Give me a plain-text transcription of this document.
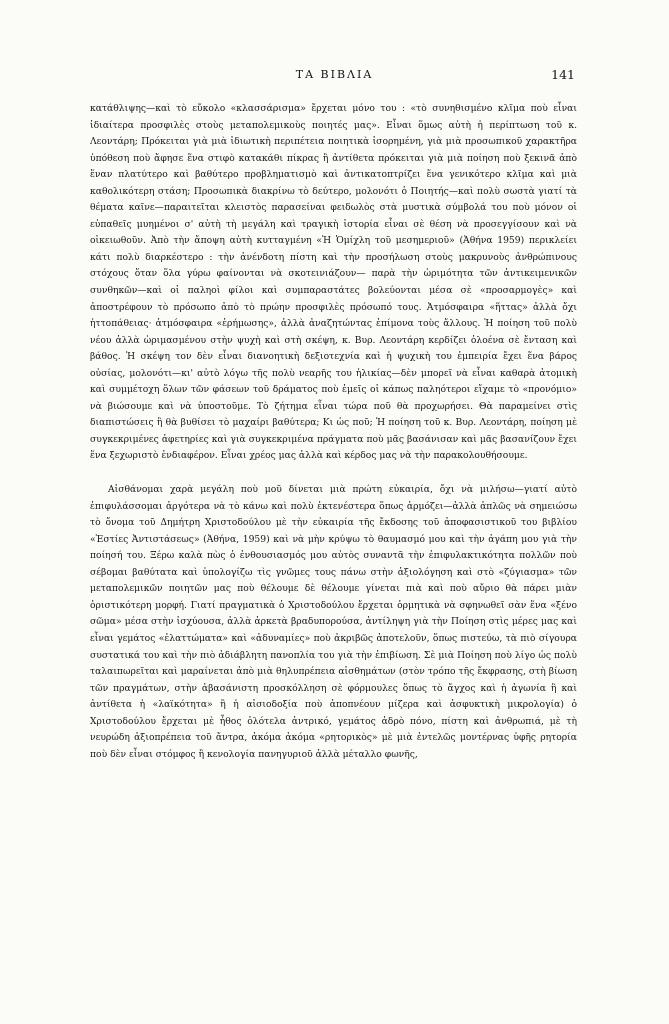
ΤΑ ΒΙΒΛΙΑ	141

κατάθλιψης—καὶ τὸ εὔκολο «κλασσάρισμα» ἔρχεται μόνο του : «τὸ συνηθισμένο κλῖμα ποὺ εἶναι ἰδιαίτερα προσφιλὲς στοὺς μεταπολεμικοὺς ποιητές μας». Εἶναι ὅμως αὐτὴ ἡ περίπτωση τοῦ κ. Λεοντάρη; Πρόκειται γιὰ μιὰ ἰδιωτικὴ περιπέτεια ποιητικὰ ἰσορημένη, γιὰ μιὰ προσωπικοῦ χαρακτῆρα ὑπόθεση ποὺ ἄφησε ἕνα στιφὸ κατακάθι πίκρας ἢ ἀντίθετα πρόκειται γιὰ μιὰ ποίηση ποὺ ξεκινᾶ ἀπὸ ἕναν πλατύτερο καὶ βαθύτερο προβληματισμὸ καὶ ἀντικατοπτρίζει ἕνα γενικότερο κλῖμα καὶ μιὰ καθολικότερη στάση; Προσωπικὰ διακρίνω τὸ δεύτερο, μολονότι ὁ Ποιητής—καὶ πολὺ σωστὰ γιατί τὰ θέματα καῖνε—παραιτεῖται κλειστὸς παρασείναι φειδωλὸς στὰ μυστικὰ σύμβολά του ποὺ μόνον οἱ εὐπαθεῖς μυημένοι σ' αὐτὴ τὴ μεγάλη καὶ τραγικὴ ἱστορία εἶναι σὲ θέση νὰ προσεγγίσουν καὶ νὰ οἰκειωθοῦν. Ἀπὸ τὴν ἄποψη αὐτὴ κυτταγμένη «Ἡ Ὁμίχλη τοῦ μεσημεριοῦ» (Ἀθήνα 1959) περικλείει κάτι πολὺ διαρκέστερο : τὴν ἀνένδοτη πίστη καὶ τὴν προσήλωση στοὺς μακρυνοὺς ἀνθρώπινους στόχους ὅταν ὅλα γύρω φαίνονται νὰ σκοτεινιάζουν— παρὰ τὴν ὡριμότητα τῶν ἀντικειμενικῶν συνθηκῶν—καὶ οἱ παληοὶ φίλοι καὶ συμπαραστάτες βολεύονται μέσα σὲ «προσαρμογὲς» καὶ ἀποστρέφουν τὸ πρόσωπο ἀπὸ τὸ πρώην προσφιλὲς πρόσωπό τους. Ἀτμόσφαιρα «ἥττας» ἀλλὰ ὄχι ἡττοπάθειας· ἀτμόσφαιρα «ἐρήμωσης», ἀλλὰ ἀναζητώντας ἐπίμονα τοὺς ἄλλους. Ἡ ποίηση τοῦ πολὺ νέου ἀλλὰ ὡριμασμένου στὴν ψυχὴ καὶ στὴ σκέψη, κ. Βυρ. Λεοντάρη κερδίζει ὁλοένα σὲ ἔνταση καὶ βάθος. Ἡ σκέψη τον δὲν εἶναι διανοητικὴ δεξιοτεχνία καὶ ἡ ψυχικὴ του ἐμπειρία ἔχει ἕνα βάρος οὐσίας, μολονότι—κι' αὐτὸ λόγω τῆς πολὺ νεαρῆς του ἡλικίας—δὲν μπορεῖ νὰ εἶναι καθαρὰ ἀτομικὴ καὶ συμμέτοχη ὅλων τῶν φάσεων τοῦ δράματος ποὺ ἐμεῖς οἱ κάπως παληότεροι εἴχαμε τὸ «προνόμιο» νὰ βιώσουμε καὶ νὰ ὑποστοῦμε. Τὸ ζήτημα εἶναι τώρα ποῦ θὰ προχωρήσει. Θὰ παραμείνει στὶς διαπιστώσεις ἢ θὰ βυθίσει τὸ μαχαίρι βαθύτερα; Κι ὡς ποῦ; Ἡ ποίηση τοῦ κ. Βυρ. Λεοντάρη, ποίηση μὲ συγκεκριμένες ἀφετηρίες καὶ γιὰ συγκεκριμένα πράγματα ποὺ μᾶς βασάνισαν καὶ μᾶς βασανίζουν ἔχει ἕνα ξεχωριστὸ ἐνδιαφέρον. Εἶναι χρέος μας ἀλλὰ καὶ κέρδος μας νὰ τὴν παρακολουθήσουμε.

Αἰσθάνομαι χαρὰ μεγάλη ποὺ μοῦ δίνεται μιὰ πρώτη εὐκαιρία, ὄχι νὰ μιλήσω—γιατί αὐτὸ ἐπιφυλάσσομαι ἀργότερα νὰ τὸ κάνω καὶ πολὺ ἐκτενέστερα ὅπως ἁρμόζει—ἀλλὰ ἁπλῶς νὰ σημειώσω τὸ ὄνομα τοῦ Δημήτρη Χριστοδούλου μὲ τὴν εὐκαιρία τῆς ἔκδοσης τοῦ ἀποφασιστικοῦ του βιβλίου «Ἑστίες Ἀντιστάσεως» (Ἀθήνα, 1959) καὶ νὰ μὴν κρύψω τὸ θαυμασμό μου καὶ τὴν ἀγάπη μου γιὰ τὴν ποίησή του. Ξέρω καλὰ πὼς ὁ ἐνθουσιασμός μου αὐτὸς συναντᾶ τὴν ἐπιφυλακτικότητα πολλῶν ποὺ σέβομαι βαθύτατα καὶ ὑπολογίζω τὶς γνῶμες τους πάνω στὴν ἀξιολόγηση καὶ στὸ «ζύγιασμα» τῶν μεταπολεμικῶν ποιητῶν μας ποὺ θέλουμε δὲ θέλουμε γίνεται πιὰ καὶ ποὺ αὔριο θὰ πάρει μιὰν ὁριστικότερη μορφή. Γιατί πραγματικὰ ὁ Χριστοδούλου ἔρχεται ὁρμητικὰ νὰ σφηνωθεῖ σὰν ἕνα «ξένο σῶμα» μέσα στὴν ἰσχύουσα, ἀλλὰ ἀρκετὰ βραδυπορούσα, ἀντίληψη γιὰ τὴν Ποίηση στὶς μέρες μας καὶ εἶναι γεμάτος «ἐλαττώματα» καὶ «ἀδυναμίες» ποὺ ἀκριβῶς ἀποτελοῦν, ὅπως πιστεύω, τὰ πιὸ σίγουρα συστατικά του καὶ τὴν πιὸ ἀδιάβλητη πανοπλία του γιὰ τὴν ἐπιβίωση. Σὲ μιὰ Ποίηση ποὺ λίγο ὡς πολὺ ταλαιπωρεῖται καὶ μαραίνεται ἀπὸ μιὰ θηλυπρέπεια αἰσθημάτων (στὸν τρόπο τῆς ἔκφρασης, στὴ βίωση τῶν πραγμάτων, στὴν ἀβασάνιστη προσκόλληση σὲ φόρμουλες ὅπως τὸ ἄγχος καὶ ἡ ἀγωνία ἢ καὶ ἀντίθετα ἡ «λαϊκότητα» ἢ ἡ αἰσιοδοξία ποὺ ἀποπνέουν μίζερα καὶ ἀσφυκτικὴ μικρολογία) ὁ Χριστοδούλου ἔρχεται μὲ ἦθος ὁλότελα ἀντρικό, γεμάτος ἁδρὸ πόνο, πίστη καὶ ἀνθρωπιά, μὲ τὴ νευρώδη ἀξιοπρέπεια τοῦ ἄντρα, ἀκόμα ἀκόμα «ρητορικὸς» μὲ μιὰ ἐντελῶς μοντέρνας ὑφῆς ρητορία ποὺ δὲν εἶναι στόμφος ἢ κενολογία πανηγυριοῦ ἀλλὰ μέταλλο φωνῆς,
